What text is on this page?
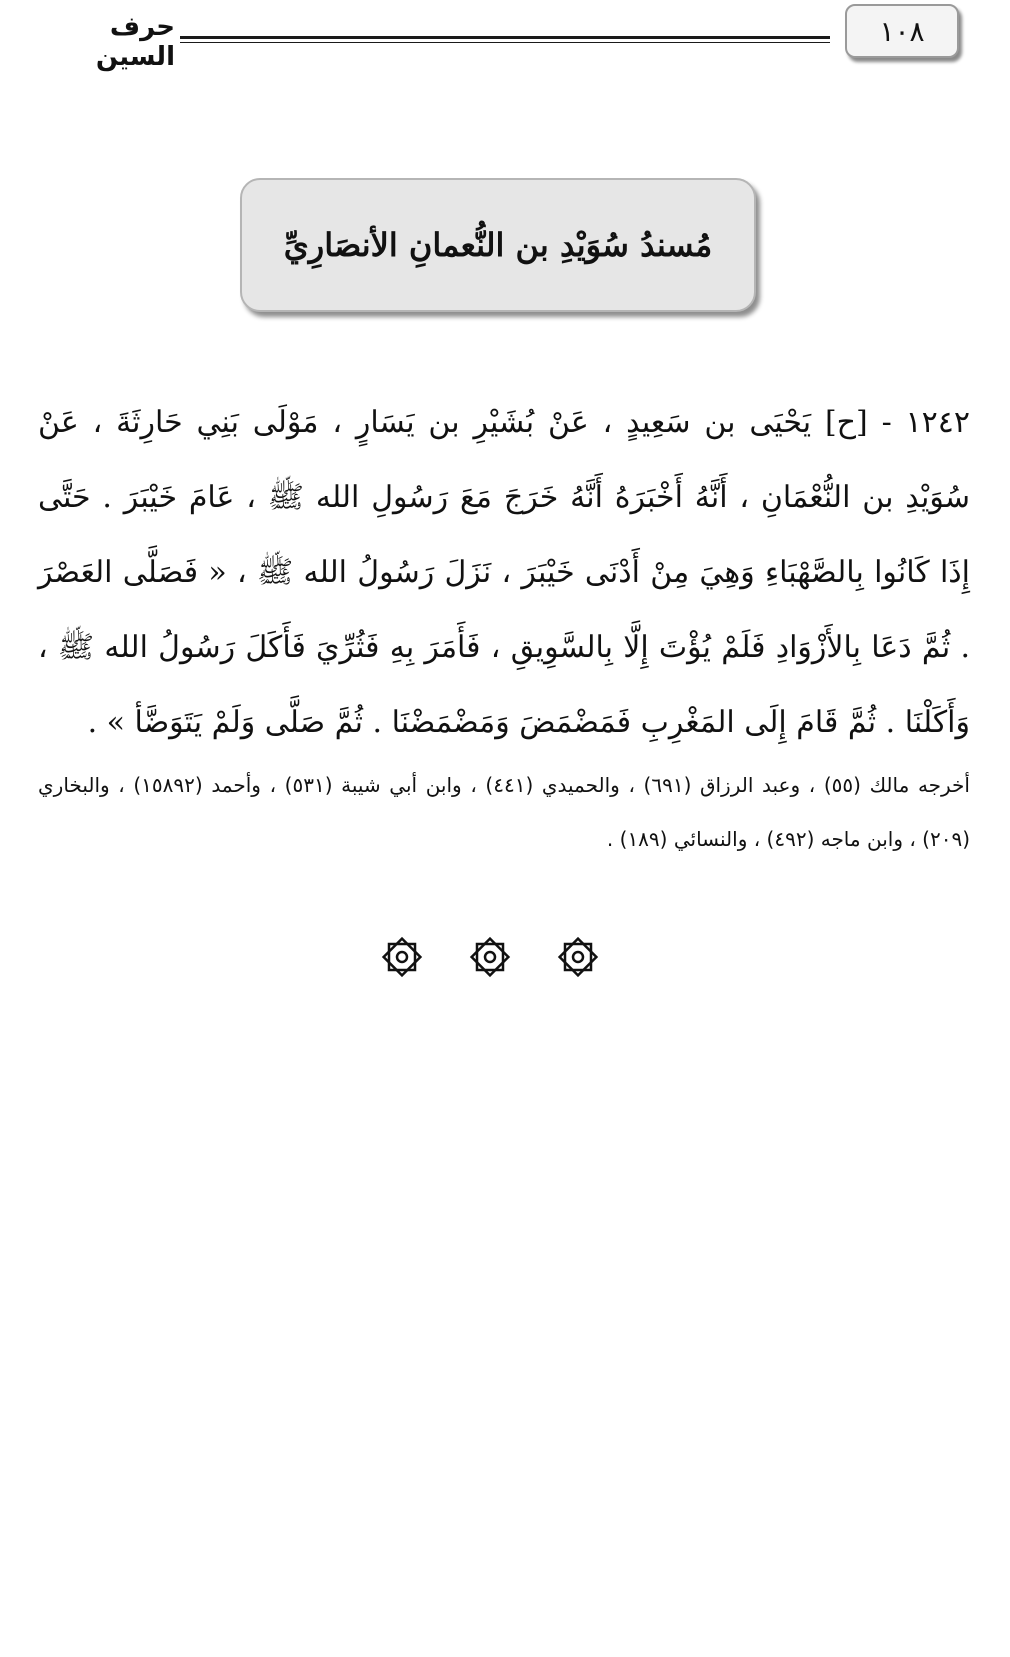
١٠٨
حرف السين
مُسندُ سُوَيْدِ بن النُّعمانِ الأنصَارِيِّ

١٢٤٢ - [ح] يَحْيَى بن سَعِيدٍ ، عَنْ بُشَيْرِ بن يَسَارٍ ، مَوْلَى بَنِي حَارِثَةَ ، عَنْ سُوَيْدِ بن النُّعْمَانِ ، أَنَّهُ أَخْبَرَهُ أَنَّهُ خَرَجَ مَعَ رَسُولِ الله ﷺ ، عَامَ خَيْبَرَ . حَتَّى إِذَا كَانُوا بِالصَّهْبَاءِ وَهِيَ مِنْ أَدْنَى خَيْبَرَ ، نَزَلَ رَسُولُ الله ﷺ ، « فَصَلَّى العَصْرَ . ثُمَّ دَعَا بِالأَزْوَادِ فَلَمْ يُؤْتَ إِلَّا بِالسَّوِيقِ ، فَأَمَرَ بِهِ فَثُرِّيَ فَأَكَلَ رَسُولُ الله ﷺ ، وَأَكَلْنَا . ثُمَّ قَامَ إِلَى المَغْرِبِ فَمَضْمَضَ وَمَضْمَضْنَا . ثُمَّ صَلَّى وَلَمْ يَتَوَضَّأ » .

أخرجه مالك (٥٥) ، وعبد الرزاق (٦٩١) ، والحميدي (٤٤١) ، وابن أبي شيبة (٥٣١) ، وأحمد (١٥٨٩٢) ، والبخاري (٢٠٩) ، وابن ماجه (٤٩٢) ، والنسائي (١٨٩) .
